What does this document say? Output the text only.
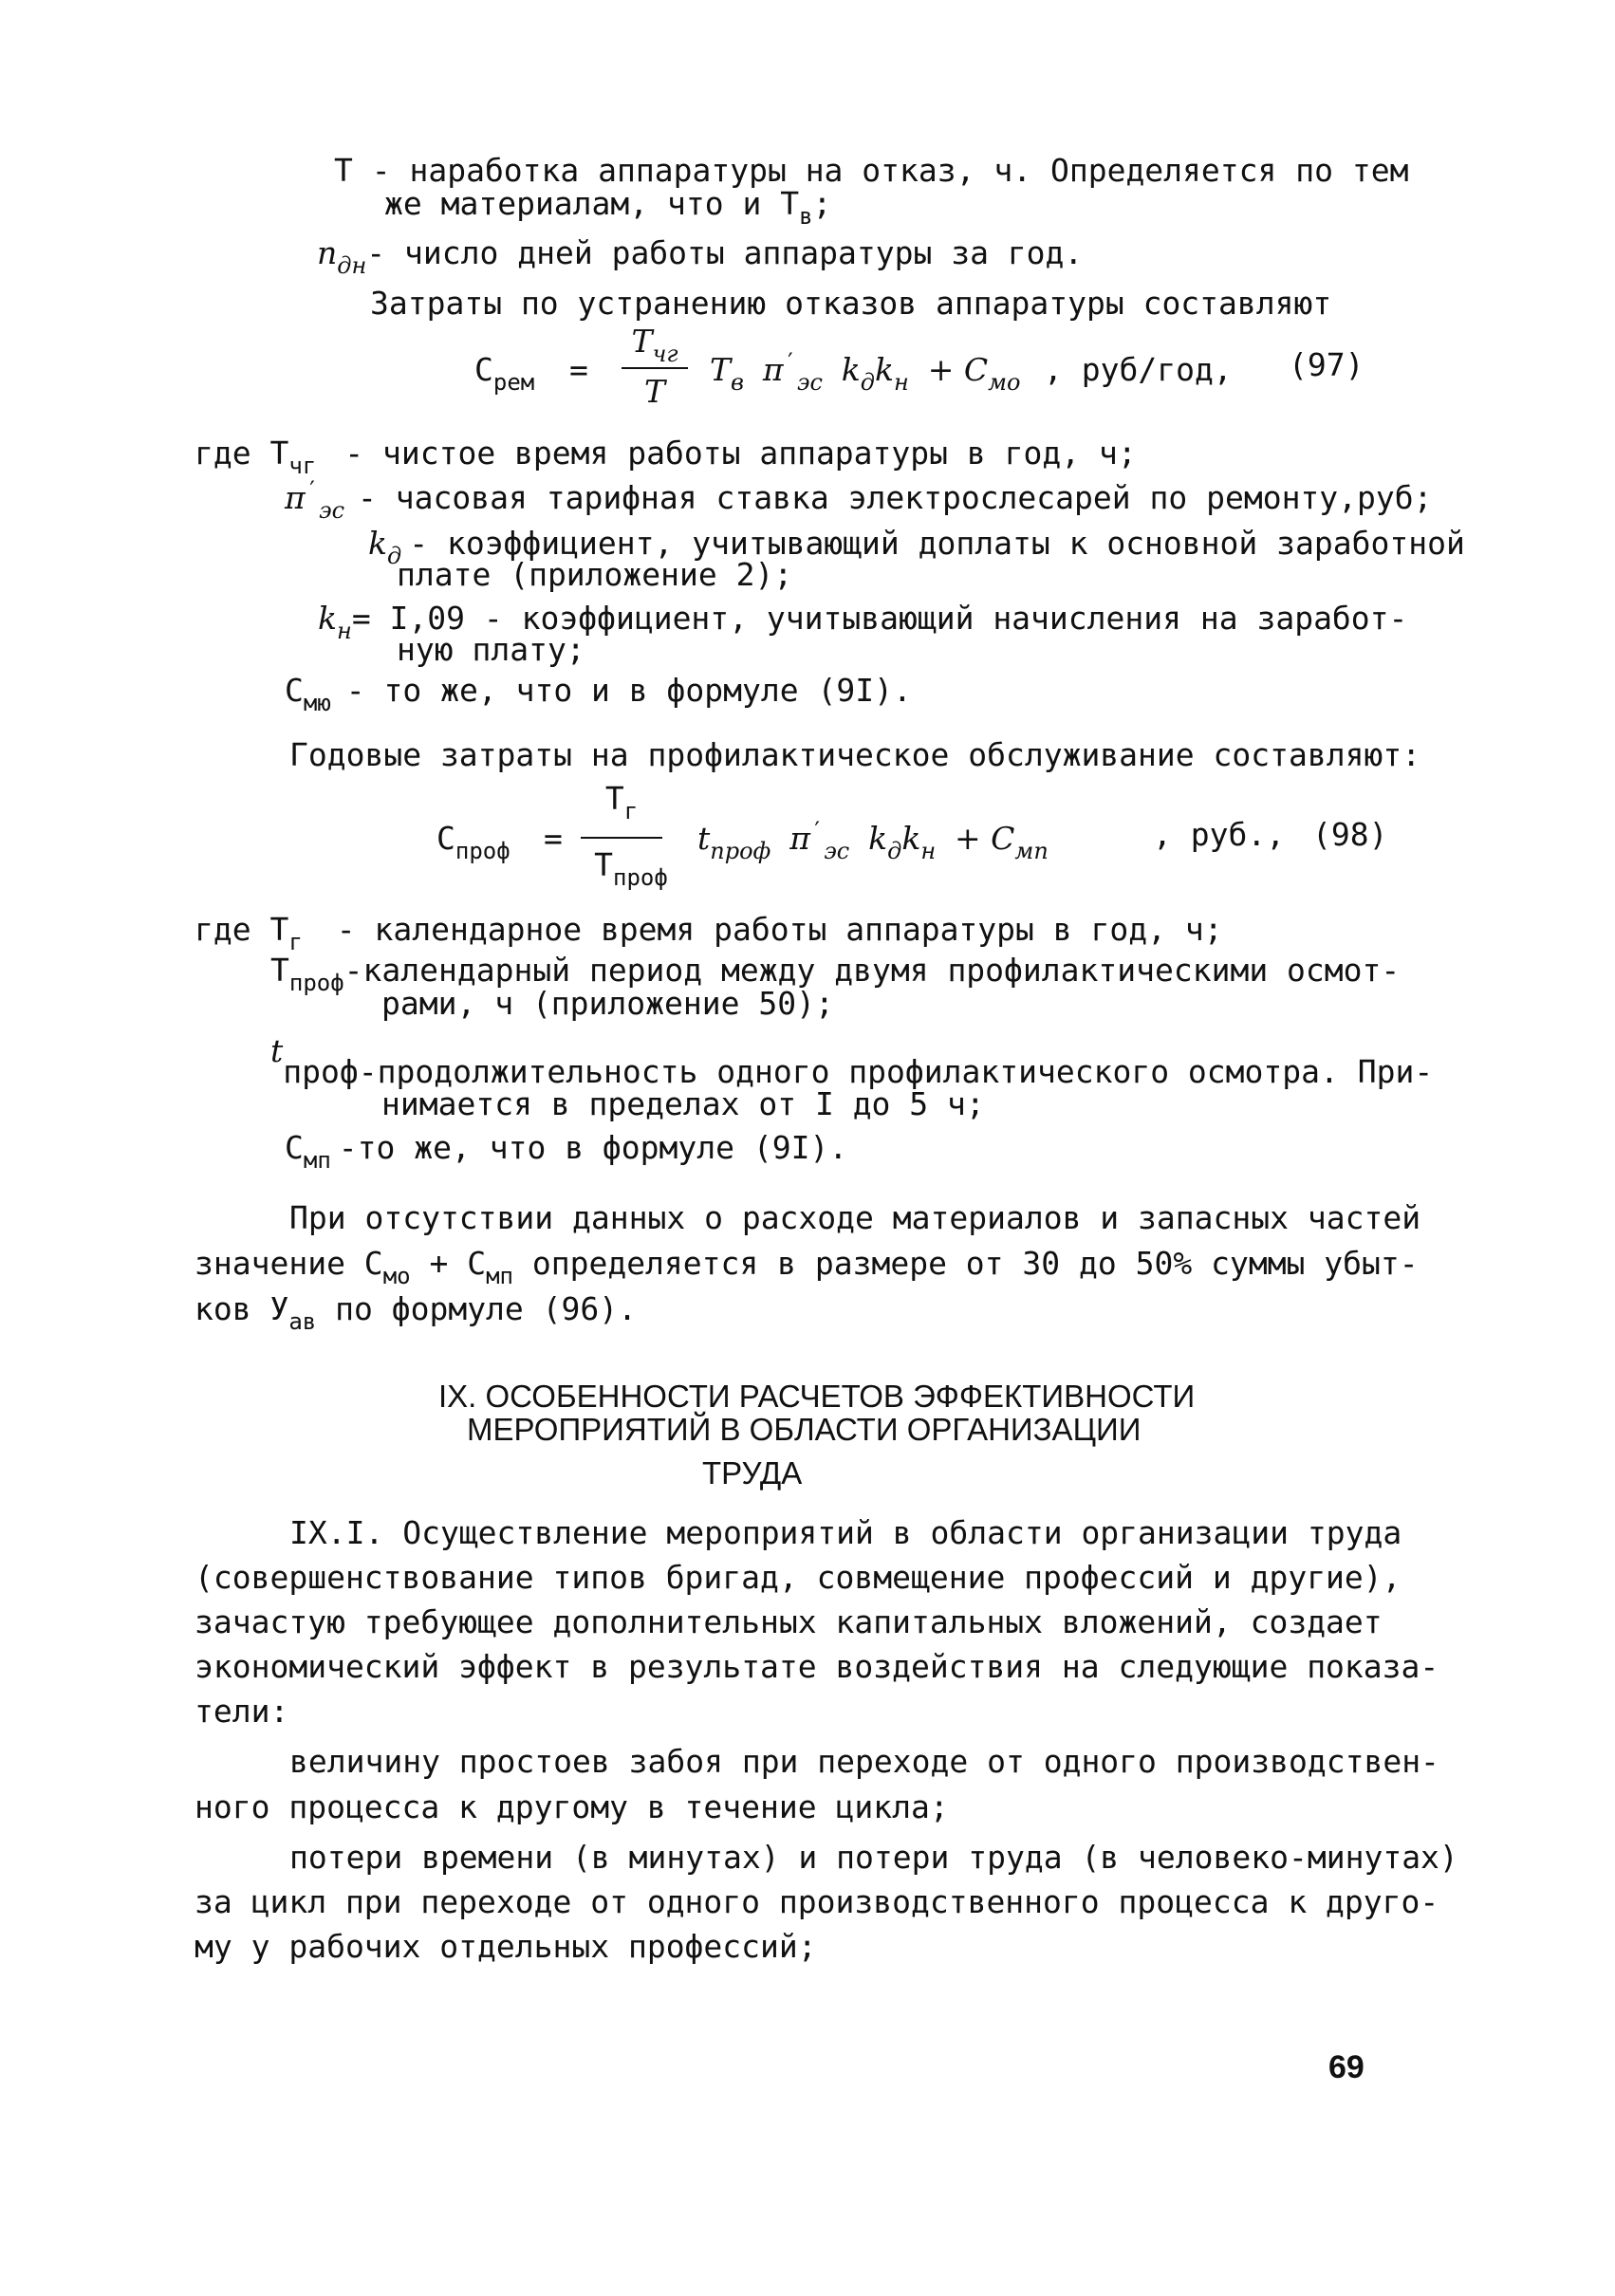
Т - наработка аппаратуры на отказ, ч. Определяется по тем
же материалам, что и $Т_в$;
$n_{дн}-$ число дней работы аппаратуры за год.
Затраты по устранению отказов аппаратуры составляют
$С_{рем}$ =
$Т_{чг}$
Т
$Т_в$ $\pi'_{эс}$ $k_дk_н + С_{мо}$ , руб/год, (97)
где $Т_{чг}$ - чистое время работы аппаратуры в год, ч;
$\pi'_{эс}$ - часовая тарифная ставка электрослесарей по ремонту,руб;
$k_д$ - коэффициент, учитывающий доплаты к основной заработной
плате (приложение 2);
$k_н= I,09$ - коэффициент, учитывающий начисления на заработ-
ную плату;
$С_{мю}$ - то же, что и в формуле (9I).
Годовые затраты на профилактическое обслуживание составляют:
$С_{проф}$ =
$Т_г$
$Т_{проф}$
$t_{проф}$ $\pi'_{эс}$ $k_дk_н + С_{мп}$	, руб., (98)
где $Т_г$ - календарное время работы аппаратуры в год, ч;
$Т_{проф}$-календарный период между двумя профилактическими осмот-
рами, ч (приложение 50);
tпроф-продолжительность одного профилактического осмотра. При-
нимается в пределах от I до 5 ч;
$С_{мп}$ -то же, что в формуле (9I).
При отсутствии данных о расходе материалов и запасных частей
значение $С_{мо} + С_{мп}$ определяется в размере от 30 до 50% суммы убыт-
ков $У_{ав}$ по формуле (96).
IX. ОСОБЕННОСТИ РАСЧЕТОВ ЭФФЕКТИВНОСТИ
МЕРОПРИЯТИЙ В ОБЛАСТИ ОРГАНИЗАЦИИ
ТРУДА
IX.I. Осуществление мероприятий в области организации труда
(совершенствование типов бригад, совмещение профессий и другие),
зачастую требующее дополнительных капитальных вложений, создает
экономический эффект в результате воздействия на следующие показа-
тели:
величину простоев забоя при переходе от одного производствен-
ного процесса к другому в течение цикла;
потери времени (в минутах) и потери труда (в человеко-минутах)
за цикл при переходе от одного производственного процесса к друго-
му у рабочих отдельных профессий;
69
